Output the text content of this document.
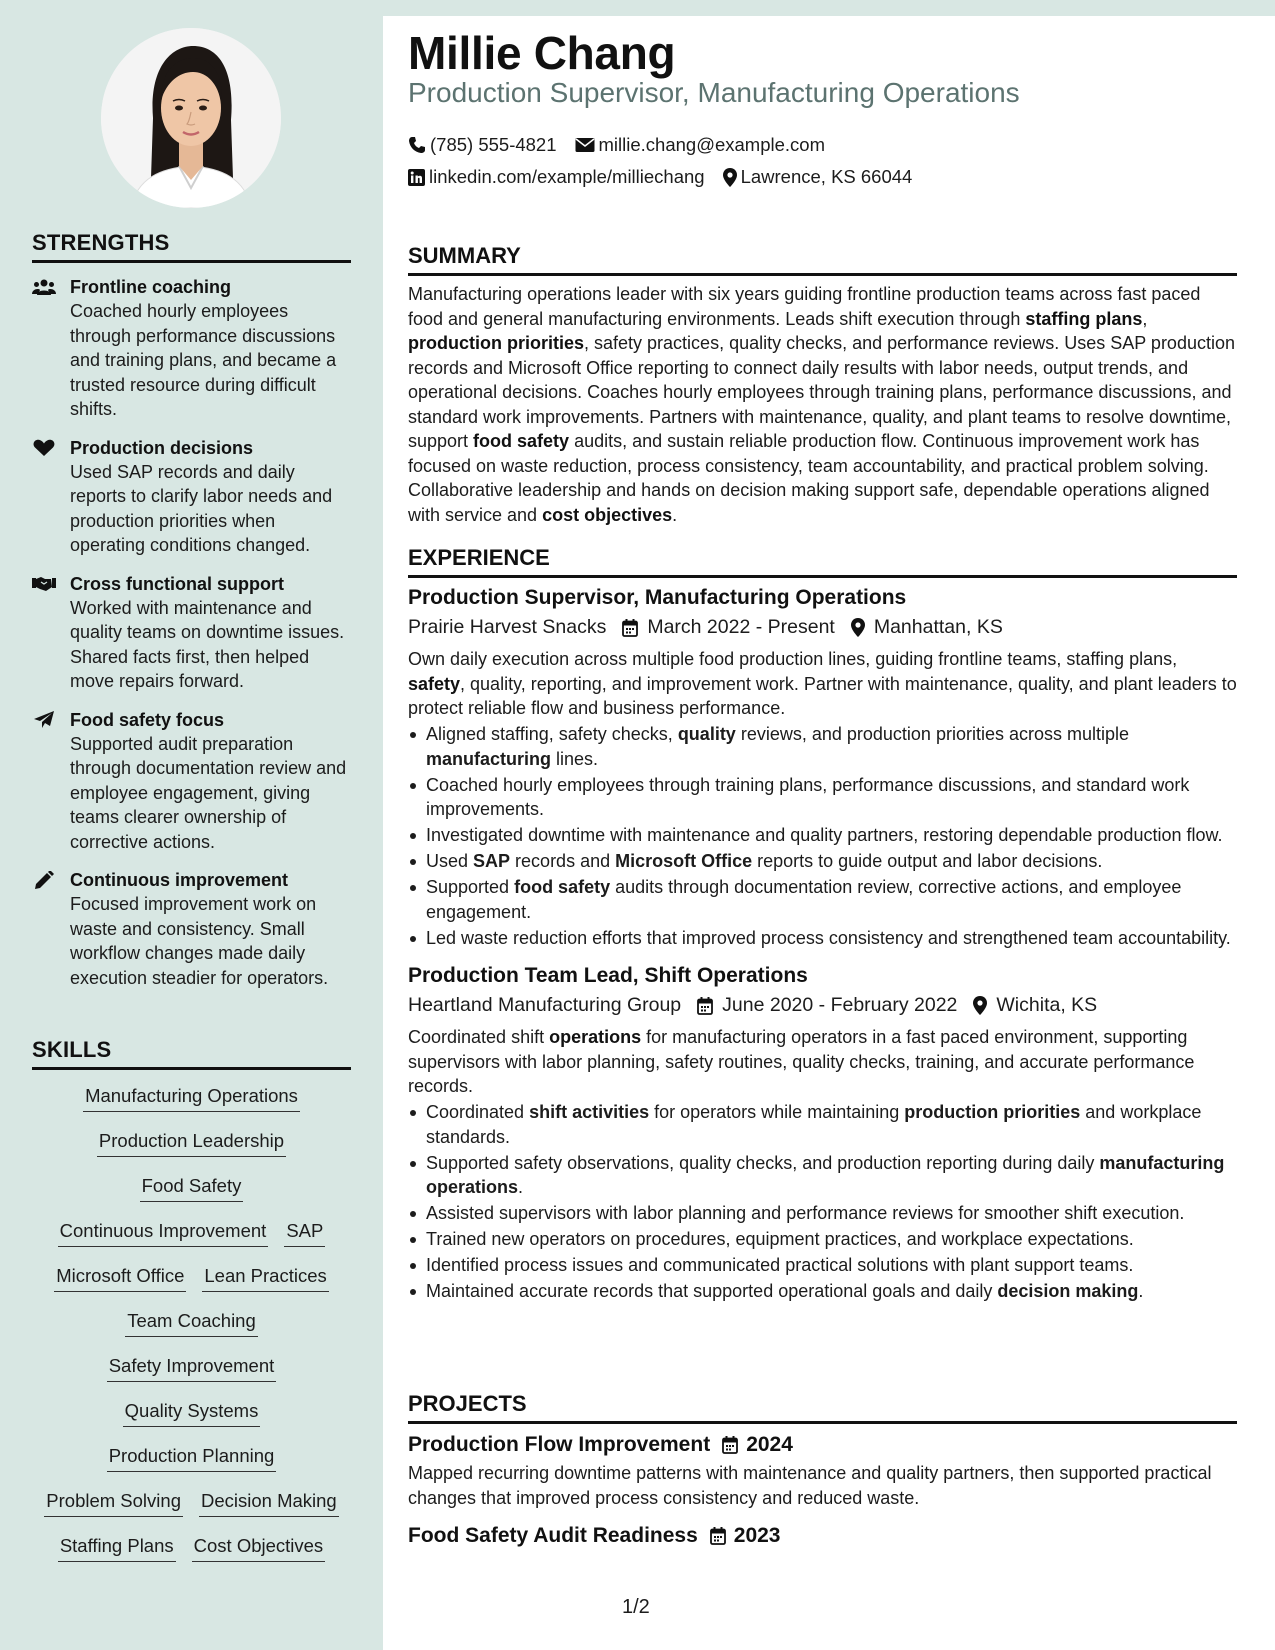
STRENGTHS
Frontline coaching
Coached hourly employees through performance discussions and training plans, and became a trusted resource during difficult shifts.
Production decisions
Used SAP records and daily reports to clarify labor needs and production priorities when operating conditions changed.
Cross functional support
Worked with maintenance and quality teams on downtime issues. Shared facts first, then helped move repairs forward.
Food safety focus
Supported audit preparation through documentation review and employee engagement, giving teams clearer ownership of corrective actions.
Continuous improvement
Focused improvement work on waste and consistency. Small workflow changes made daily execution steadier for operators.
SKILLS
Manufacturing Operations
Production Leadership
Food Safety
Continuous Improvement SAP
Microsoft Office Lean Practices
Team Coaching
Safety Improvement
Quality Systems
Production Planning
Problem Solving Decision Making
Staffing Plans Cost Objectives
Millie Chang
Production Supervisor, Manufacturing Operations
(785) 555-4821 millie.chang@example.com
linkedin.com/example/milliechang Lawrence, KS 66044
SUMMARY
Manufacturing operations leader with six years guiding frontline production teams across fast paced food and general manufacturing environments. Leads shift execution through staffing plans, production priorities, safety practices, quality checks, and performance reviews. Uses SAP production records and Microsoft Office reporting to connect daily results with labor needs, output trends, and operational decisions. Coaches hourly employees through training plans, performance discussions, and standard work improvements. Partners with maintenance, quality, and plant teams to resolve downtime, support food safety audits, and sustain reliable production flow. Continuous improvement work has focused on waste reduction, process consistency, team accountability, and practical problem solving. Collaborative leadership and hands on decision making support safe, dependable operations aligned with service and cost objectives.
EXPERIENCE
Production Supervisor, Manufacturing Operations
Prairie Harvest Snacks March 2022 - Present Manhattan, KS
Own daily execution across multiple food production lines, guiding frontline teams, staffing plans, safety, quality, reporting, and improvement work. Partner with maintenance, quality, and plant leaders to protect reliable flow and business performance.
Aligned staffing, safety checks, quality reviews, and production priorities across multiple manufacturing lines.
Coached hourly employees through training plans, performance discussions, and standard work improvements.
Investigated downtime with maintenance and quality partners, restoring dependable production flow.
Used SAP records and Microsoft Office reports to guide output and labor decisions.
Supported food safety audits through documentation review, corrective actions, and employee engagement.
Led waste reduction efforts that improved process consistency and strengthened team accountability.
Production Team Lead, Shift Operations
Heartland Manufacturing Group June 2020 - February 2022 Wichita, KS
Coordinated shift operations for manufacturing operators in a fast paced environment, supporting supervisors with labor planning, safety routines, quality checks, training, and accurate performance records.
Coordinated shift activities for operators while maintaining production priorities and workplace standards.
Supported safety observations, quality checks, and production reporting during daily manufacturing operations.
Assisted supervisors with labor planning and performance reviews for smoother shift execution.
Trained new operators on procedures, equipment practices, and workplace expectations.
Identified process issues and communicated practical solutions with plant support teams.
Maintained accurate records that supported operational goals and daily decision making.
PROJECTS
Production Flow Improvement 2024
Mapped recurring downtime patterns with maintenance and quality partners, then supported practical changes that improved process consistency and reduced waste.
Food Safety Audit Readiness 2023
1/2
